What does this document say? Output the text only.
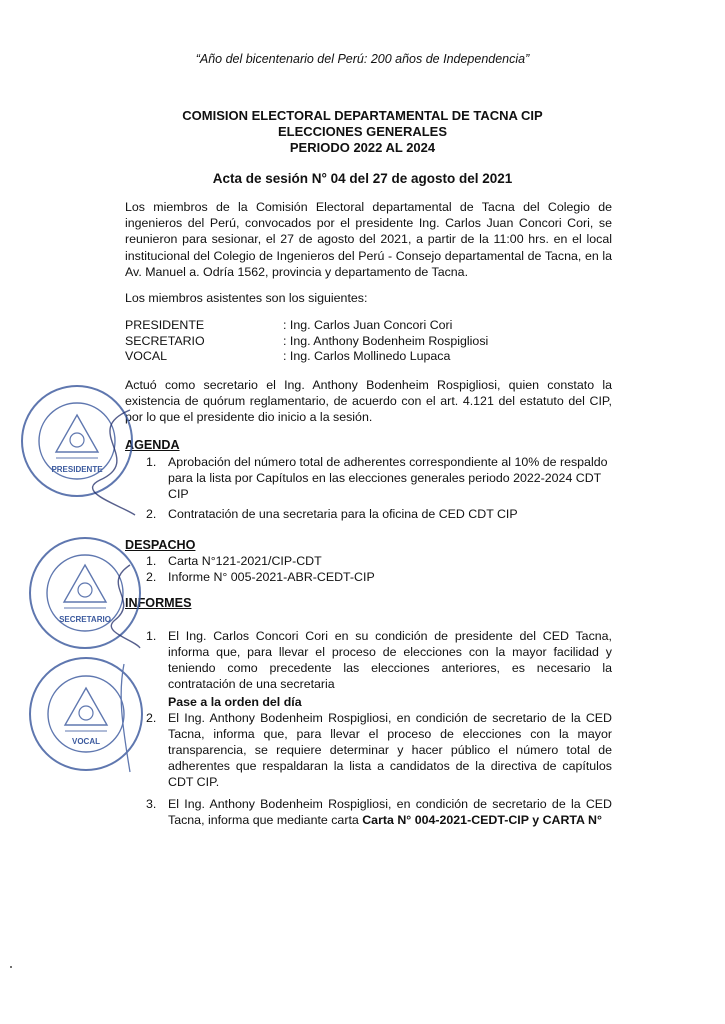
“Año del bicentenario del Perú: 200 años de Independencia”
COMISION ELECTORAL DEPARTAMENTAL DE TACNA CIP
ELECCIONES GENERALES
PERIODO 2022 AL 2024
Acta de sesión N° 04 del 27 de agosto del 2021
Los miembros de la Comisión Electoral departamental de Tacna del Colegio de ingenieros del Perú, convocados por el presidente Ing. Carlos Juan Concori Cori, se reunieron para sesionar, el 27 de agosto del 2021, a partir de la 11:00 hrs. en el local institucional del Colegio de Ingenieros del Perú - Consejo departamental de Tacna, en la Av. Manuel a. Odría 1562, provincia y departamento de Tacna.
Los miembros asistentes son los siguientes:
PRESIDENTE	: Ing. Carlos Juan Concori Cori
SECRETARIO	: Ing. Anthony Bodenheim Rospigliosi
VOCAL	: Ing. Carlos Mollinedo Lupaca
Actuó como secretario el Ing. Anthony Bodenheim Rospigliosi, quien constato la existencia de quórum reglamentario, de acuerdo con el art. 4.121 del estatuto del CIP, por lo que el presidente dio inicio a la sesión.
AGENDA
1. Aprobación del número total de adherentes correspondiente al 10% de respaldo para la lista por Capítulos en las elecciones generales periodo 2022-2024 CDT CIP
2. Contratación de una secretaria para la oficina de CED CDT CIP
DESPACHO
1. Carta N°121-2021/CIP-CDT
2. Informe N° 005-2021-ABR-CEDT-CIP
INFORMES
1. El Ing. Carlos Concori Cori en su condición de presidente del CED Tacna, informa que, para llevar el proceso de elecciones con la mayor facilidad y teniendo como precedente las elecciones anteriores, es necesario la contratación de una secretaria
Pase a la orden del día
2. El Ing. Anthony Bodenheim Rospigliosi, en condición de secretario de la CED Tacna, informa que, para llevar el proceso de elecciones con la mayor transparencia, se requiere determinar y hacer público el número total de adherentes que respaldaran la lista a candidatos de la directiva de capítulos CDT CIP.
3. El Ing. Anthony Bodenheim Rospigliosi, en condición de secretario de la CED Tacna, informa que mediante carta Carta N° 004-2021-CEDT-CIP y CARTA N°
PRESIDENTE
SECRETARIO
VOCAL
